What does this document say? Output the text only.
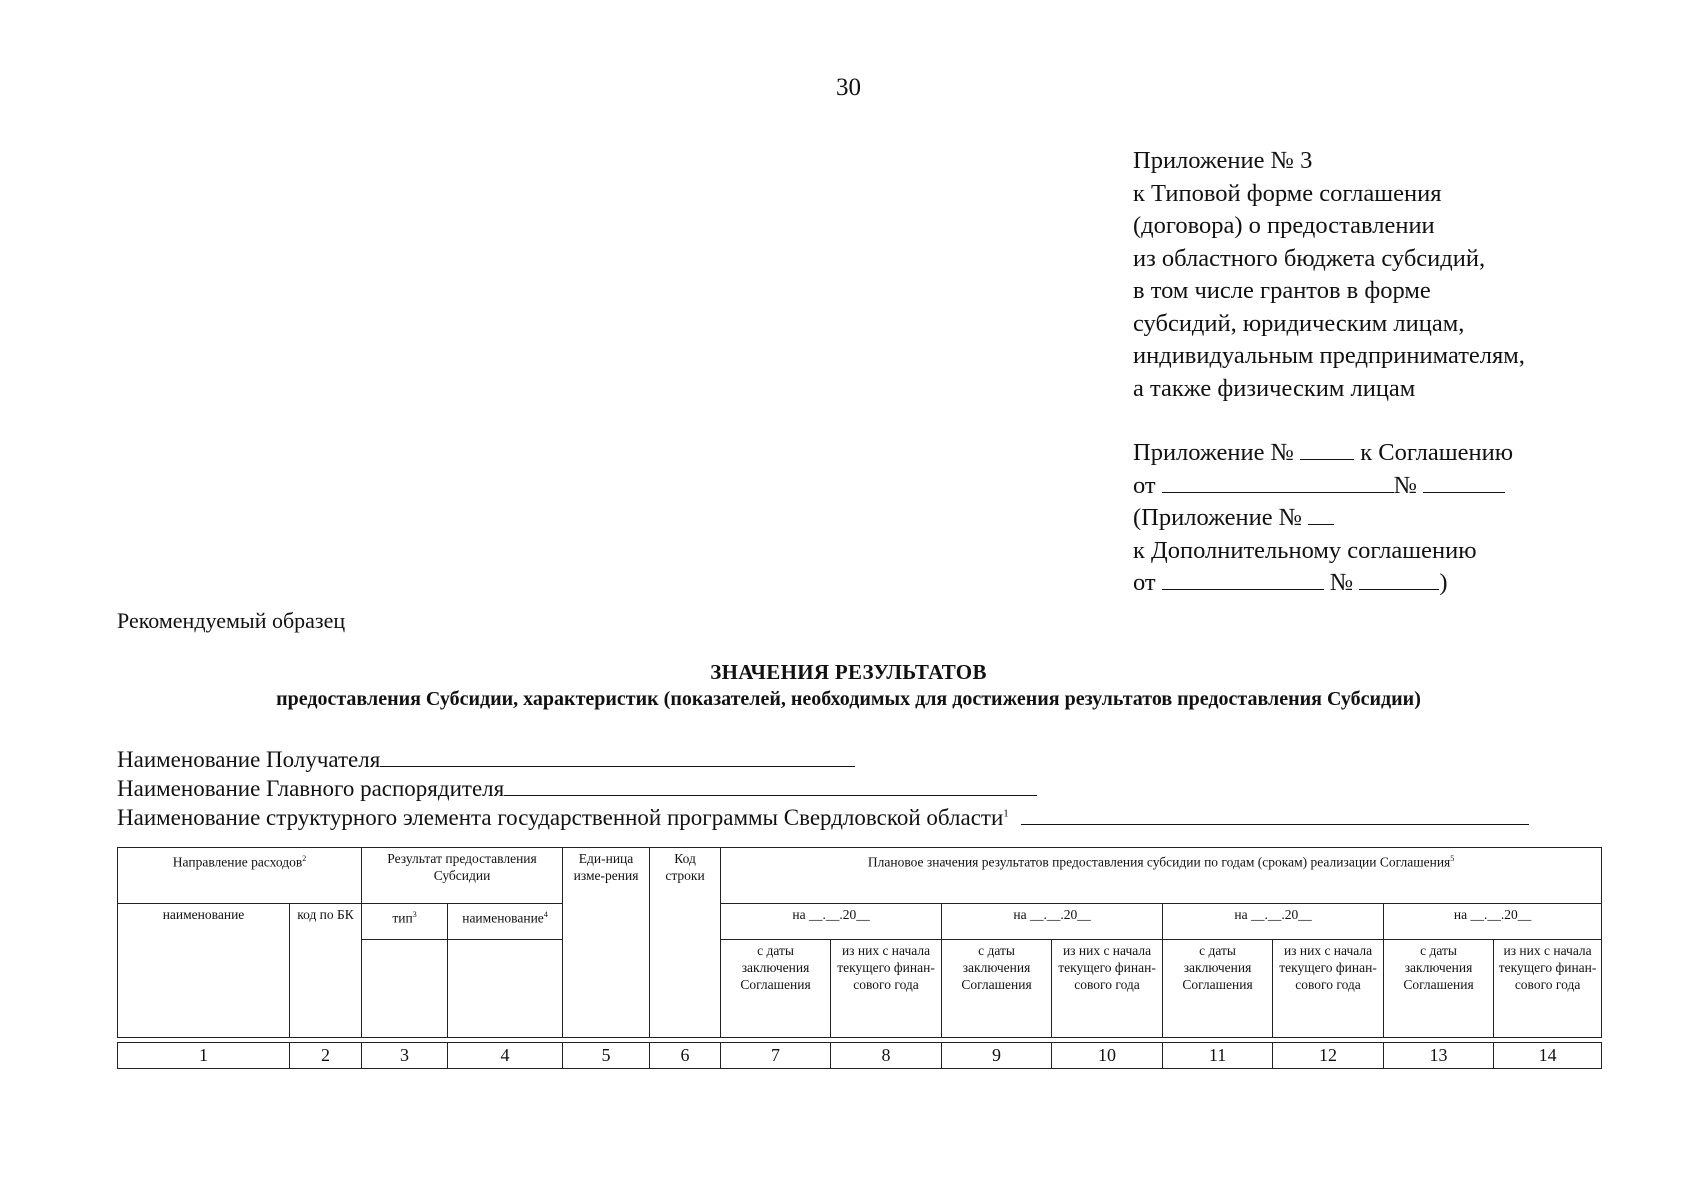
30
Приложение № 3
к Типовой форме соглашения
(договора) о предоставлении
из областного бюджета субсидий,
в том числе грантов в форме
субсидий, юридическим лицам,
индивидуальным предпринимателям,
а также физическим лицам
Приложение №	к Соглашению
от	№
(Приложение №
к Дополнительному соглашению
от	№	)
Рекомендуемый образец
ЗНАЧЕНИЯ РЕЗУЛЬТАТОВ
предоставления Субсидии, характеристик (показателей, необходимых для достижения результатов предоставления Субсидии)
Наименование Получателя
Наименование Главного распорядителя
Наименование структурного элемента государственной программы Свердловской области$^1$
Направление расходов$^2$		Результат предоставления Субсидии		Еди-ница изме-рения	Код строки	Плановое значения результатов предоставления субсидии по годам (срокам) реализации Соглашения$^5$
наименование	код по БК	тип$^3$	наименование$^4$			на __.__.20__		на __.__.20__		на __.__.20__		на __.__.20__	
						с даты заключения Соглашения	из них с начала текущего финан-сового года	с даты заключения Соглашения	из них с начала текущего финан-сового года	с даты заключения Соглашения	из них с начала текущего финан-сового года	с даты заключения Соглашения	из них с начала текущего финан-сового года

1	2	3	4	5	6	7	8	9	10	11	12	13	14
